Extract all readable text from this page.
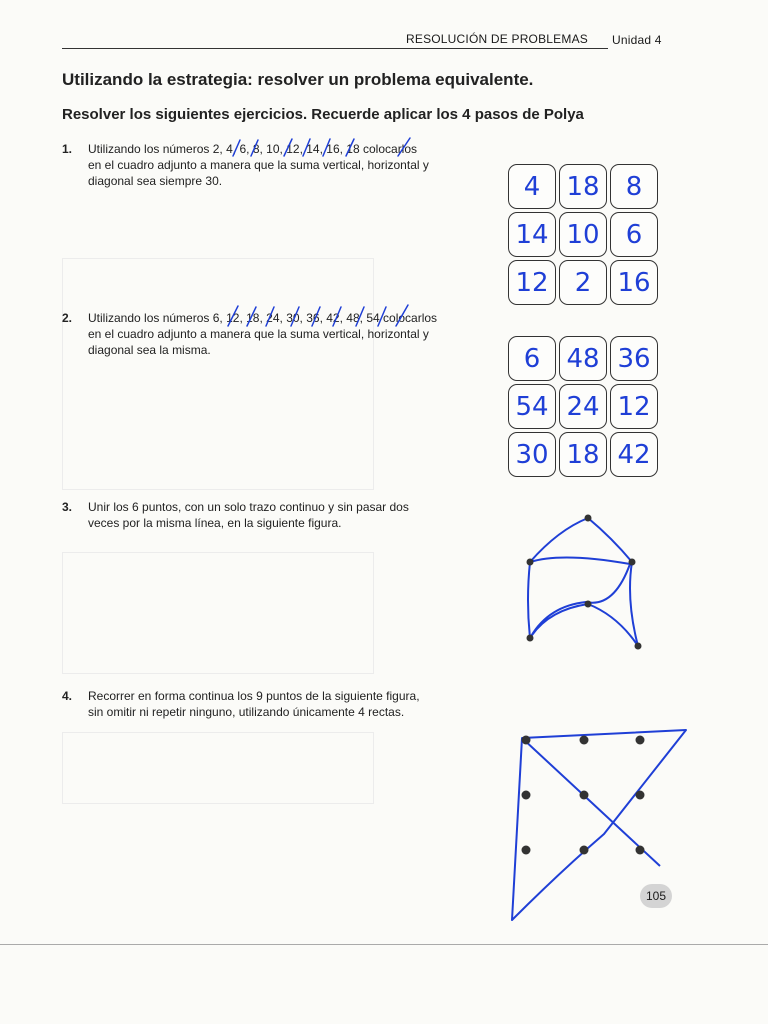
RESOLUCIÓN DE PROBLEMAS Unidad 4
Utilizando la estrategia: resolver un problema equivalente.
Resolver los siguientes ejercicios. Recuerde aplicar los 4 pasos de Polya
1. Utilizando los números 2, 4, 6, 8, 10, 12, 14, 16, 18 colocarlos
en el cuadro adjunto a manera que la suma vertical, horizontal y
diagonal sea siempre 30.	4	18	8
14 10	6
12	2	16
2. Utilizando los números 6, 12, 18, 24, 30, 36, 42, 48, 54 colocarlos
en el cuadro adjunto a manera que la suma vertical, horizontal y
diagonal sea la misma.	6	48 36
54 24 12
30 18 42
3. Unir los 6 puntos, con un solo trazo continuo y sin pasar dos
veces por la misma línea, en la siguiente figura.
4. Recorrer en forma continua los 9 puntos de la siguiente figura,
sin omitir ni repetir ninguno, utilizando únicamente 4 rectas.
105
